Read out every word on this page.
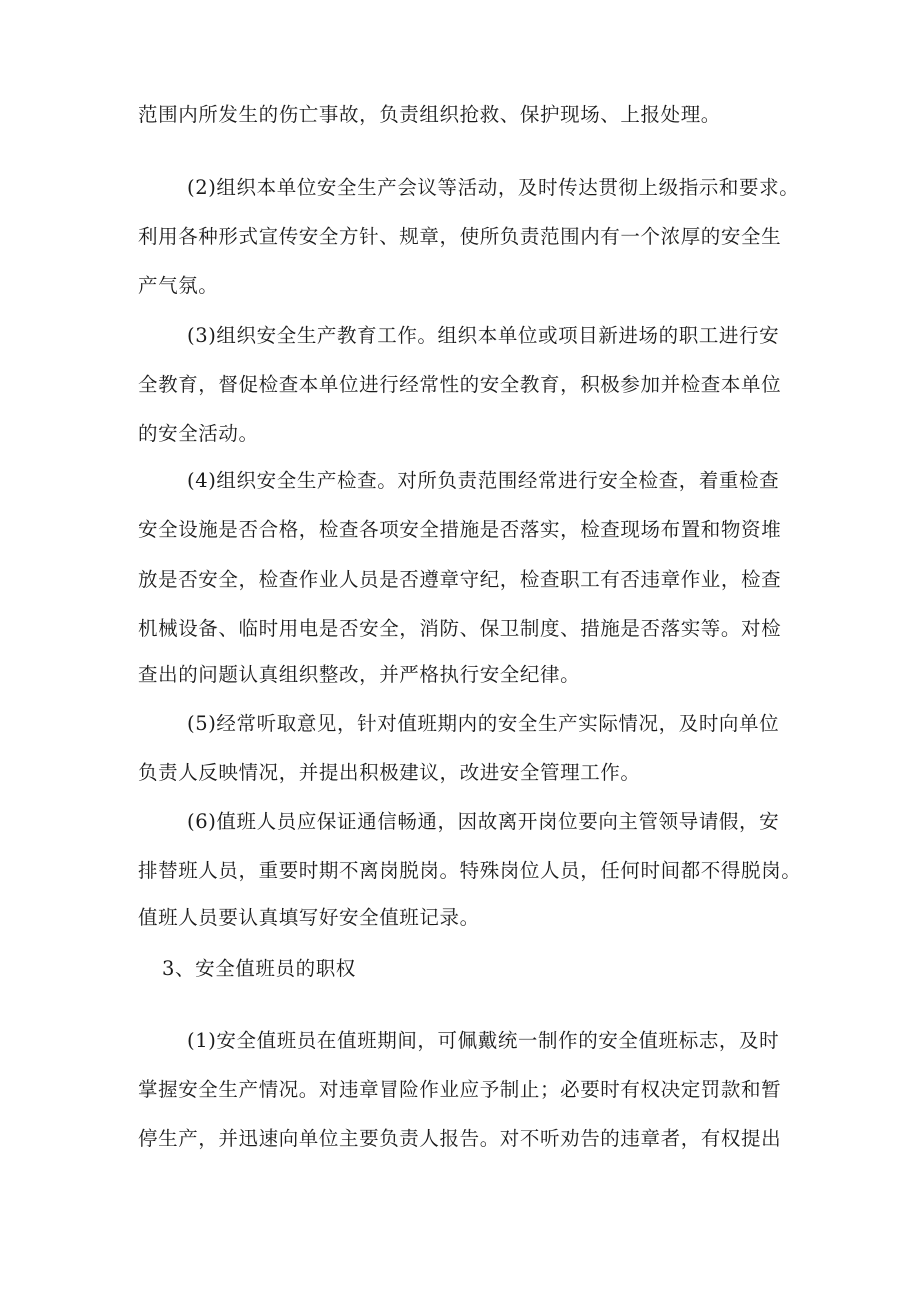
范围内所发生的伤亡事故，负责组织抢救、保护现场、上报处理。
(2)组织本单位安全生产会议等活动，及时传达贯彻上级指示和要求。
利用各种形式宣传安全方针、规章，使所负责范围内有一个浓厚的安全生
产气氛。
(3)组织安全生产教育工作。组织本单位或项目新进场的职工进行安
全教育，督促检查本单位进行经常性的安全教育，积极参加并检查本单位
的安全活动。
(4)组织安全生产检查。对所负责范围经常进行安全检查，着重检查
安全设施是否合格，检查各项安全措施是否落实，检查现场布置和物资堆
放是否安全，检查作业人员是否遵章守纪，检查职工有否违章作业，检查
机械设备、临时用电是否安全，消防、保卫制度、措施是否落实等。对检
查出的问题认真组织整改，并严格执行安全纪律。
(5)经常听取意见，针对值班期内的安全生产实际情况，及时向单位
负责人反映情况，并提出积极建议，改进安全管理工作。
(6)值班人员应保证通信畅通，因故离开岗位要向主管领导请假，安
排替班人员，重要时期不离岗脱岗。特殊岗位人员，任何时间都不得脱岗。
值班人员要认真填写好安全值班记录。
3、安全值班员的职权
(1)安全值班员在值班期间，可佩戴统一制作的安全值班标志，及时
掌握安全生产情况。对违章冒险作业应予制止；必要时有权决定罚款和暂
停生产，并迅速向单位主要负责人报告。对不听劝告的违章者，有权提出
